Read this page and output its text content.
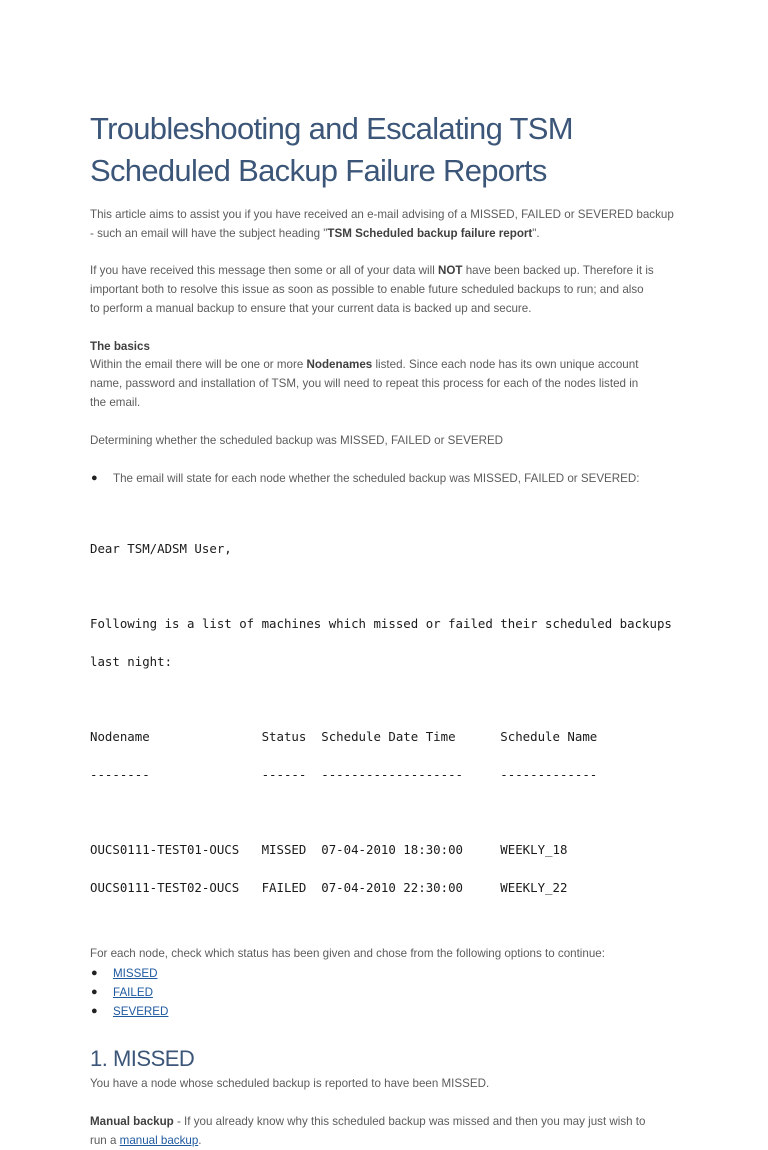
Troubleshooting and Escalating TSM
Scheduled Backup Failure Reports
This article aims to assist you if you have received an e-mail advising of a MISSED, FAILED or SEVERED backup
- such an email will have the subject heading "TSM Scheduled backup failure report".
If you have received this message then some or all of your data will NOT have been backed up. Therefore it is
important both to resolve this issue as soon as possible to enable future scheduled backups to run; and also
to perform a manual backup to ensure that your current data is backed up and secure.
The basics
Within the email there will be one or more Nodenames listed. Since each node has its own unique account
name, password and installation of TSM, you will need to repeat this process for each of the nodes listed in
the email.
Determining whether the scheduled backup was MISSED, FAILED or SEVERED
●	The email will state for each node whether the scheduled backup was MISSED, FAILED or SEVERED:

Dear TSM/ADSM User,

Following is a list of machines which missed or failed their scheduled backups

last night:

Nodename               Status  Schedule Date Time      Schedule Name

--------               ------  -------------------     -------------

OUCS0111-TEST01-OUCS   MISSED  07-04-2010 18:30:00     WEEKLY_18

OUCS0111-TEST02-OUCS   FAILED  07-04-2010 22:30:00     WEEKLY_22

For each node, check which status has been given and chose from the following options to continue:
●	MISSED
●	FAILED
●	SEVERED
1. MISSED
You have a node whose scheduled backup is reported to have been MISSED.
Manual backup - If you already know why this scheduled backup was missed and then you may just wish to
run a manual backup.
